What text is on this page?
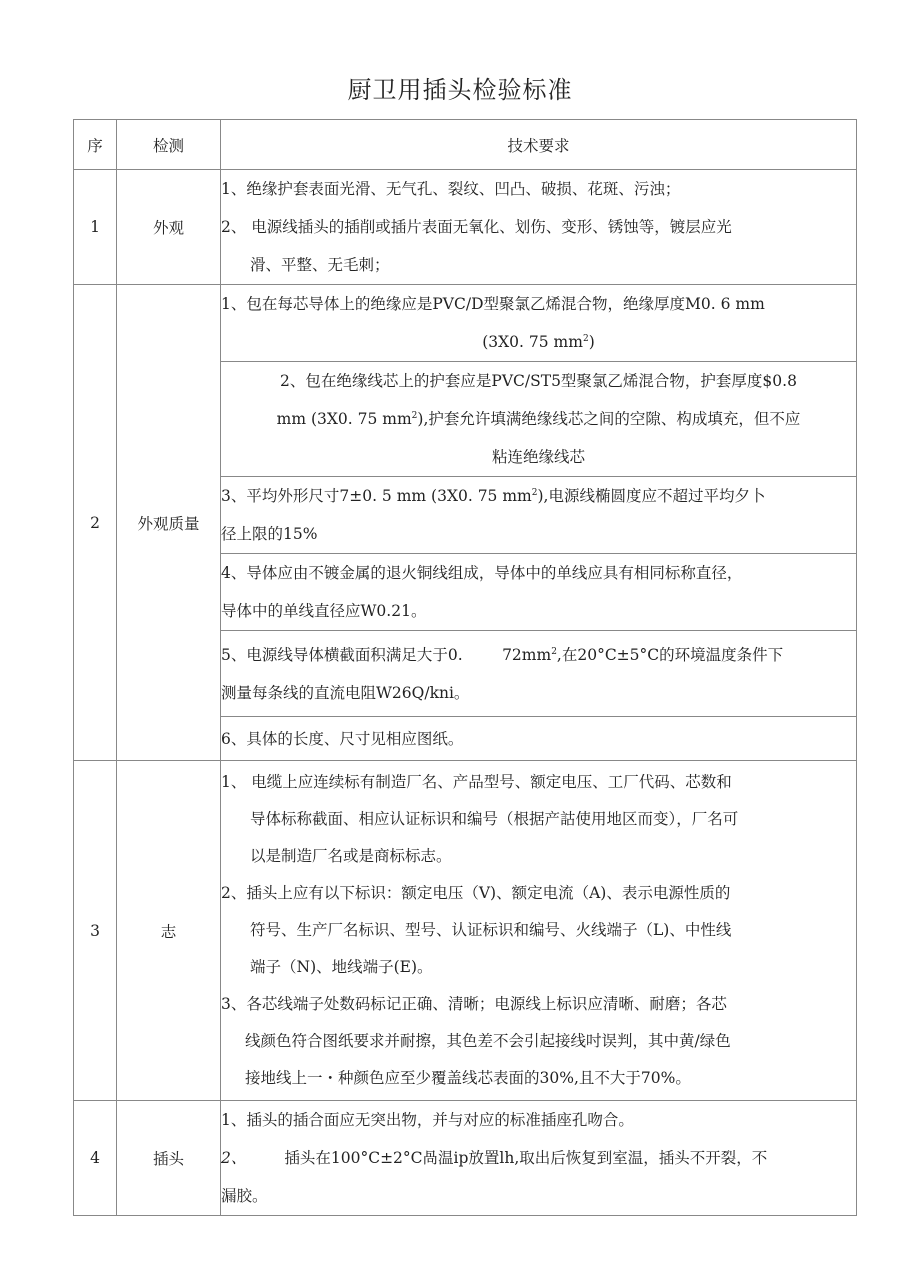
厨卫用插头检验标准
序	检测	技术要求
1	外观	1、绝缘护套表面光滑、无气孔、裂纹、凹凸、破损、花斑、污浊；
2、 电源线插头的插削或插片表面无氧化、划伤、变形、锈蚀等，镀层应光
滑、平整、无毛刺；

2	外观质量	1、包在每芯导体上的绝缘应是PVC/D型聚氯乙烯混合物，绝缘厚度M0. 6 mm
(3X0. 75 $mm^2$)

		2、包在绝缘线芯上的护套应是PVC/ST5型聚氯乙烯混合物，护套厚度$0.8
mm (3X0. 75 $mm^2$),护套允许填满绝缘线芯之间的空隙、构成填充，但不应
粘连绝缘线芯

		3、平均外形尺寸7±0. 5 mm (3X0. 75 $mm^2$),电源线椭圆度应不超过平均夕卜
径上限的15%

		4、导体应由不镀金属的退火铜线组成，导体中的单线应具有相同标称直径，
导体中的单线直径应W0.21。

		5、电源线导体横截面积满足大于0.        $72mm^2$,在20°C±5°C的环境温度条件下
测量每条线的直流电阻W26Q/kni。

		6、具体的长度、尺寸见相应图纸。

3	志	
1、 电缆上应连续标有制造厂名、产品型号、额定电压、工厂代码、芯数和
导体标称截面、相应认证标识和编号（根据产詁使用地区而变），厂名可
以是制造厂名或是商标标志。
2、插头上应有以下标识：额定电压（V)、额定电流（A)、表示电源性质的
符号、生产厂名标识、型号、认证标识和编号、火线端子（L)、中性线
端子（N)、地线端子(E)。
3、各芯线端子处数码标记正确、清晰；电源线上标识应清晰、耐磨；各芯
线颜色符合图纸要求并耐擦，其色差不会引起接线吋误判，其中黄/绿色
接地线上一・种颜色应至少覆盖线芯表面的30%,且不大于70%。

4	插头	1、插头的插合面应无突出物，并与对应的标准插座孔吻合。
2、 插头在100°C±2°C咼温ip放置lh,取出后恢复到室温，插头不开裂，不
漏胶。
